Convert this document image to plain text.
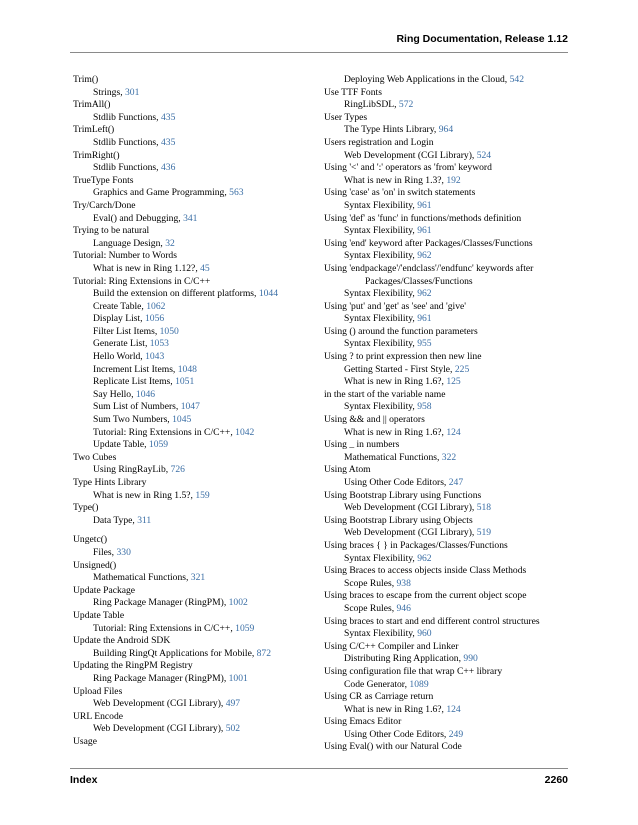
Ring Documentation, Release 1.12

Trim()

Strings, 301

TrimAll()

Stdlib Functions, 435

TrimLeft()

Stdlib Functions, 435

TrimRight()

Stdlib Functions, 436

TrueType Fonts

Graphics and Game Programming, 563

Try/Carch/Done

Eval() and Debugging, 341

Trying to be natural

Language Design, 32

Tutorial: Number to Words

What is new in Ring 1.12?, 45

Tutorial: Ring Extensions in C/C++

Build the extension on different platforms, 1044

Create Table, 1062

Display List, 1056

Filter List Items, 1050

Generate List, 1053

Hello World, 1043

Increment List Items, 1048

Replicate List Items, 1051

Say Hello, 1046

Sum List of Numbers, 1047

Sum Two Numbers, 1045

Tutorial: Ring Extensions in C/C++, 1042

Update Table, 1059

Two Cubes

Using RingRayLib, 726

Type Hints Library

What is new in Ring 1.5?, 159

Type()

Data Type, 311

Ungetc()

Files, 330

Unsigned()

Mathematical Functions, 321

Update Package

Ring Package Manager (RingPM), 1002

Update Table

Tutorial: Ring Extensions in C/C++, 1059

Update the Android SDK

Building RingQt Applications for Mobile, 872

Updating the RingPM Registry

Ring Package Manager (RingPM), 1001

Upload Files

Web Development (CGI Library), 497

URL Encode

Web Development (CGI Library), 502

Usage

Deploying Web Applications in the Cloud, 542

Use TTF Fonts

RingLibSDL, 572

User Types

The Type Hints Library, 964

Users registration and Login

Web Development (CGI Library), 524

Using '<' and ':' operators as 'from' keyword

What is new in Ring 1.3?, 192

Using 'case' as 'on' in switch statements

Syntax Flexibility, 961

Using 'def' as 'func' in functions/methods definition

Syntax Flexibility, 961

Using 'end' keyword after Packages/Classes/Functions

Syntax Flexibility, 962

Using 'endpackage'/'endclass'/'endfunc' keywords after

Packages/Classes/Functions

Syntax Flexibility, 962

Using 'put' and 'get' as 'see' and 'give'

Syntax Flexibility, 961

Using () around the function parameters

Syntax Flexibility, 955

Using ? to print expression then new line

Getting Started - First Style, 225

What is new in Ring 1.6?, 125

in the start of the variable name

Syntax Flexibility, 958

Using && and || operators

What is new in Ring 1.6?, 124

Using _ in numbers

Mathematical Functions, 322

Using Atom

Using Other Code Editors, 247

Using Bootstrap Library using Functions

Web Development (CGI Library), 518

Using Bootstrap Library using Objects

Web Development (CGI Library), 519

Using braces { } in Packages/Classes/Functions

Syntax Flexibility, 962

Using Braces to access objects inside Class Methods

Scope Rules, 938

Using braces to escape from the current object scope

Scope Rules, 946

Using braces to start and end different control structures

Syntax Flexibility, 960

Using C/C++ Compiler and Linker

Distributing Ring Application, 990

Using configuration file that wrap C++ library

Code Generator, 1089

Using CR as Carriage return

What is new in Ring 1.6?, 124

Using Emacs Editor

Using Other Code Editors, 249

Using Eval() with our Natural Code

Index	2260
